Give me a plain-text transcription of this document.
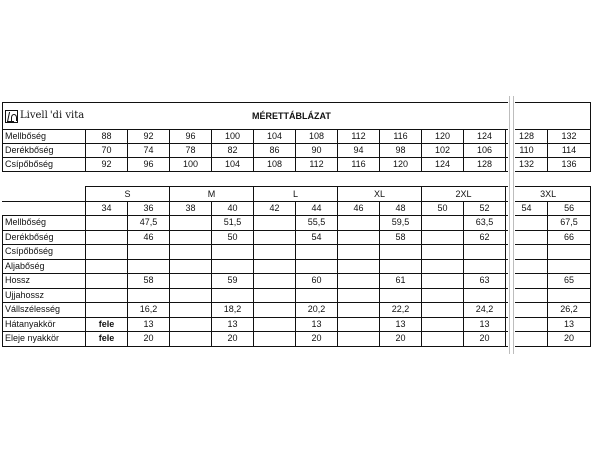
Livell 'di vita	MÉRETTÁBLÁZAT											
Mellbőség	88	92	96	100	104	108	112	116	120	124	128	132
Derékbőség	70	74	78	82	86	90	94	98	102	106	110	114
Csípőbőség	92	96	100	104	108	112	116	120	124	128	132	136
	S		M		L		XL		2XL		3XL	
	34	36	38	40	42	44	46	48	50	52	54	56
Mellbőség		47,5		51,5		55,5		59,5		63,5		67,5
Derékbőség		46		50		54		58		62		66
Csípőbőség												
Aljabőség												
Hossz		58		59		60		61		63		65
Ujjahossz												
Vállszélesség		16,2		18,2		20,2		22,2		24,2		26,2
Hátanyakkör	fele	13		13		13		13		13		13
Eleje nyakkör	fele	20		20		20		20		20		20
